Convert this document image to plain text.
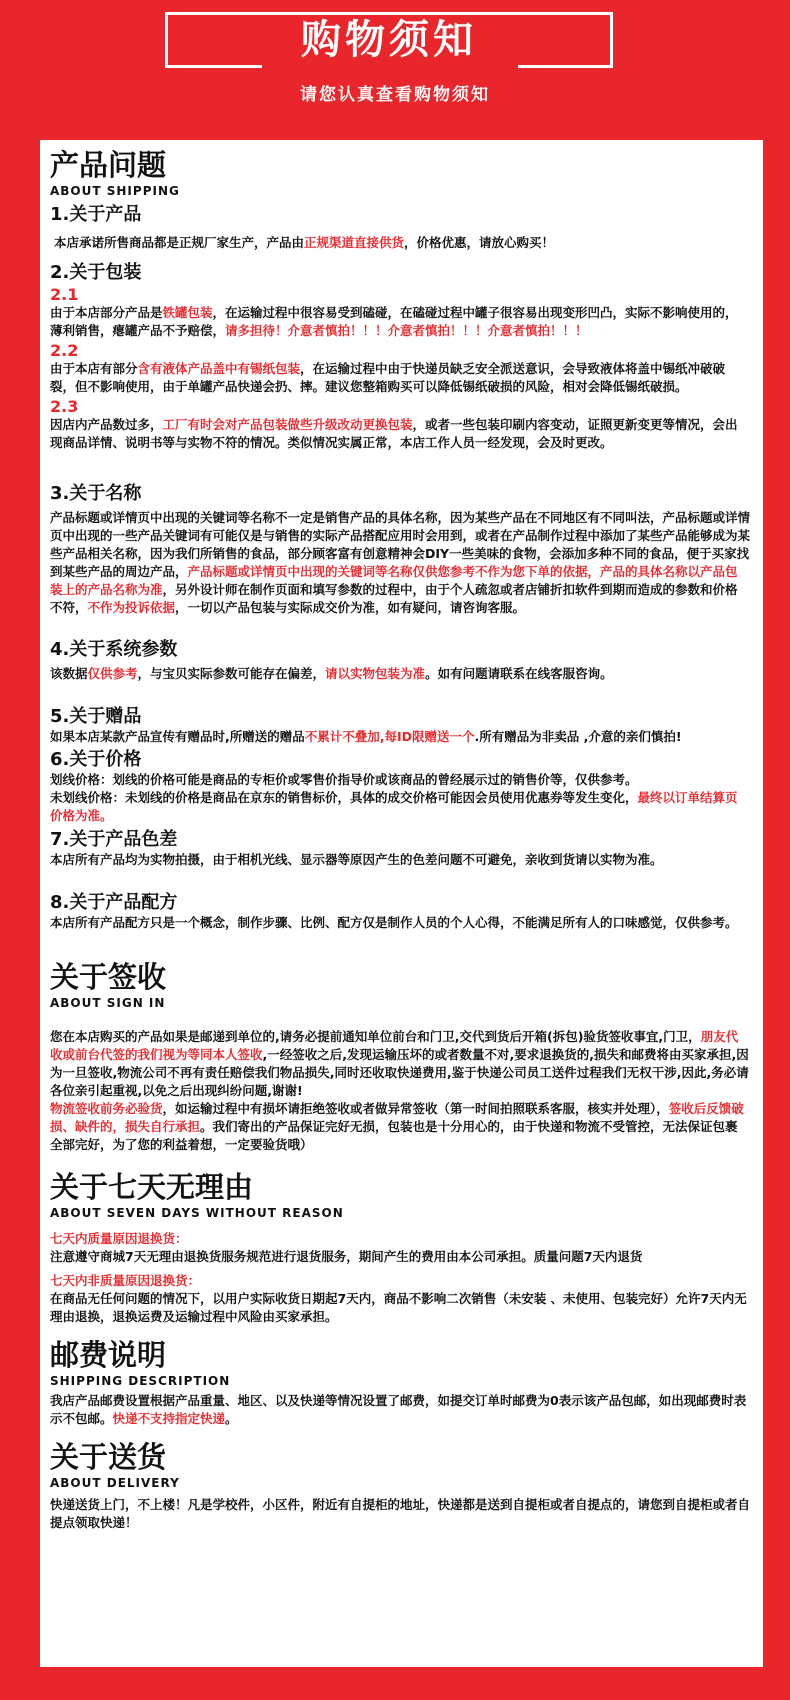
购物须知
请您认真查看购物须知

产品问题

ABOUT SHIPPING

1.关于产品

本店承诺所售商品都是正规厂家生产，产品由正规渠道直接供货，价格优惠，请放心购买！

2.关于包装

2.1

由于本店部分产品是铁罐包装，在运输过程中很容易受到磕碰，在磕碰过程中罐子很容易出现变形凹凸，实际不影响使用的，薄利销售，瘪罐产品不予赔偿，请多担待！介意者慎拍！！！介意者慎拍！！！介意者慎拍！！！

2.2

由于本店有部分含有液体产品盖中有锡纸包装，在运输过程中由于快递员缺乏安全派送意识，会导致液体将盖中锡纸冲破破裂，但不影响使用，由于单罐产品快递会扔、摔。建议您整箱购买可以降低锡纸破损的风险，相对会降低锡纸破损。

2.3

因店内产品数过多，工厂有时会对产品包装做些升级改动更换包装，或者一些包装印刷内容变动，证照更新变更等情况，会出现商品详情、说明书等与实物不符的情况。类似情况实属正常，本店工作人员一经发现，会及时更改。

3.关于名称

产品标题或详情页中出现的关键词等名称不一定是销售产品的具体名称，因为某些产品在不同地区有不同叫法，产品标题或详情页中出现的一些产品关键词有可能仅是与销售的实际产品搭配应用时会用到，或者在产品制作过程中添加了某些产品能够成为某些产品相关名称，因为我们所销售的食品，部分顾客富有创意精神会DIY一些美味的食物，会添加多种不同的食品，便于买家找到某些产品的周边产品，产品标题或详情页中出现的关键词等名称仅供您参考不作为您下单的依据，产品的具体名称以产品包装上的产品名称为准，另外设计师在制作页面和填写参数的过程中，由于个人疏忽或者店铺折扣软件到期而造成的参数和价格不符，不作为投诉依据，一切以产品包装与实际成交价为准，如有疑问，请咨询客服。

4.关于系统参数

该数据仅供参考，与宝贝实际参数可能存在偏差，请以实物包装为准。如有问题请联系在线客服咨询。

5.关于赠品

如果本店某款产品宣传有赠品时,所赠送的赠品不累计不叠加,每ID限赠送一个.所有赠品为非卖品 ,介意的亲们慎拍!

6.关于价格

划线价格：划线的价格可能是商品的专柜价或零售价指导价或该商品的曾经展示过的销售价等，仅供参考。

未划线价格：未划线的价格是商品在京东的销售标价，具体的成交价格可能因会员使用优惠券等发生变化，最终以订单结算页价格为准。

7.关于产品色差

本店所有产品均为实物拍摄，由于相机光线、显示器等原因产生的色差问题不可避免，亲收到货请以实物为准。

8.关于产品配方

本店所有产品配方只是一个概念，制作步骤、比例、配方仅是制作人员的个人心得，不能满足所有人的口味感觉，仅供参考。

关于签收

ABOUT SIGN IN

您在本店购买的产品如果是邮递到单位的,请务必提前通知单位前台和门卫,交代到货后开箱(拆包)验货签收事宜,门卫，朋友代收或前台代签的我们视为等同本人签收,一经签收之后,发现运输压坏的或者数量不对,要求退换货的,损失和邮费将由买家承担,因为一旦签收,物流公司不再有责任赔偿我们物品损失,同时还收取快递费用,鉴于快递公司员工送件过程我们无权干涉,因此,务必请各位亲引起重视,以免之后出现纠纷问题,谢谢!

物流签收前务必验货，如运输过程中有损坏请拒绝签收或者做异常签收（第一时间拍照联系客服，核实并处理），签收后反馈破损、缺件的，损失自行承担。我们寄出的产品保证完好无损，包装也是十分用心的，由于快递和物流不受管控，无法保证包裹全部完好，为了您的利益着想，一定要验货哦）

关于七天无理由

ABOUT SEVEN DAYS WITHOUT REASON

七天内质量原因退换货：

注意遵守商城7天无理由退换货服务规范进行退货服务，期间产生的费用由本公司承担。质量问题7天内退货

七天内非质量原因退换货：

在商品无任何问题的情况下，以用户实际收货日期起7天内，商品不影响二次销售（未安装 、未使用、包装完好）允许7天内无理由退换，退换运费及运输过程中风险由买家承担。

邮费说明

SHIPPING DESCRIPTION

我店产品邮费设置根据产品重量、地区、以及快递等情况设置了邮费，如提交订单时邮费为0表示该产品包邮，如出现邮费时表示不包邮。快递不支持指定快递。

关于送货

ABOUT DELIVERY

快递送货上门，不上楼！凡是学校件，小区件，附近有自提柜的地址，快递都是送到自提柜或者自提点的，请您到自提柜或者自提点领取快递！
